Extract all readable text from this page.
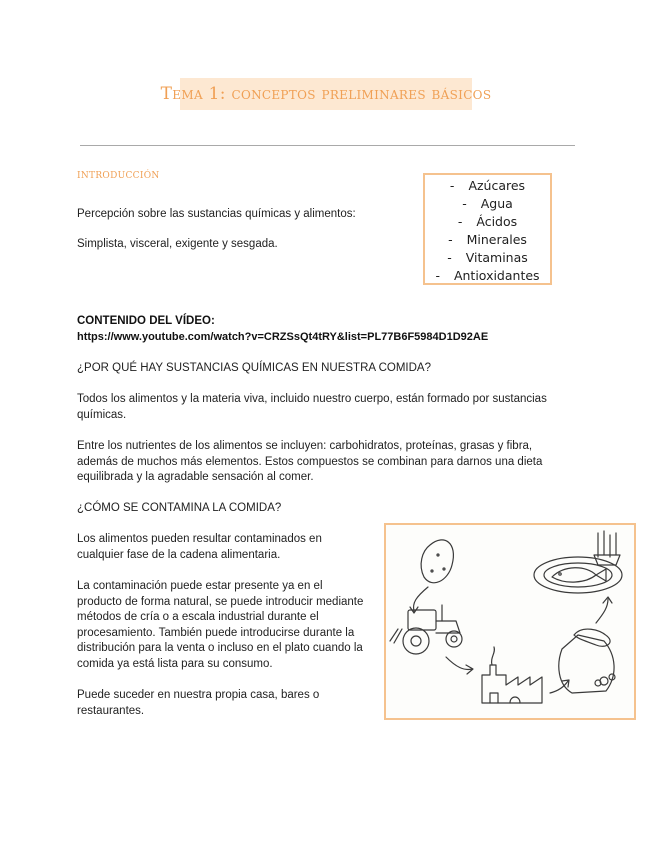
Tema 1: conceptos preliminares básicos
introducción
Percepción sobre las sustancias químicas y alimentos:
Simplista, visceral, exigente y sesgada.
- Azúcares
- Agua
- Ácidos
- Minerales
- Vitaminas
- Antioxidantes
CONTENIDO DEL VÍDEO:
https://www.youtube.com/watch?v=CRZSsQt4tRY&list=PL77B6F5984D1D92AE
¿POR QUÉ HAY SUSTANCIAS QUÍMICAS EN NUESTRA COMIDA?
Todos los alimentos y la materia viva, incluido nuestro cuerpo, están formado por sustancias
químicas.
Entre los nutrientes de los alimentos se incluyen: carbohidratos, proteínas, grasas y fibra,
además de muchos más elementos. Estos compuestos se combinan para darnos una dieta
equilibrada y la agradable sensación al comer.
¿CÓMO SE CONTAMINA LA COMIDA?
Los alimentos pueden resultar contaminados en
cualquier fase de la cadena alimentaria.
La contaminación puede estar presente ya en el
producto de forma natural, se puede introducir mediante
métodos de cría o a escala industrial durante el
procesamiento. También puede introducirse durante la
distribución para la venta o incluso en el plato cuando la
comida ya está lista para su consumo.
Puede suceder en nuestra propia casa, bares o
restaurantes.
